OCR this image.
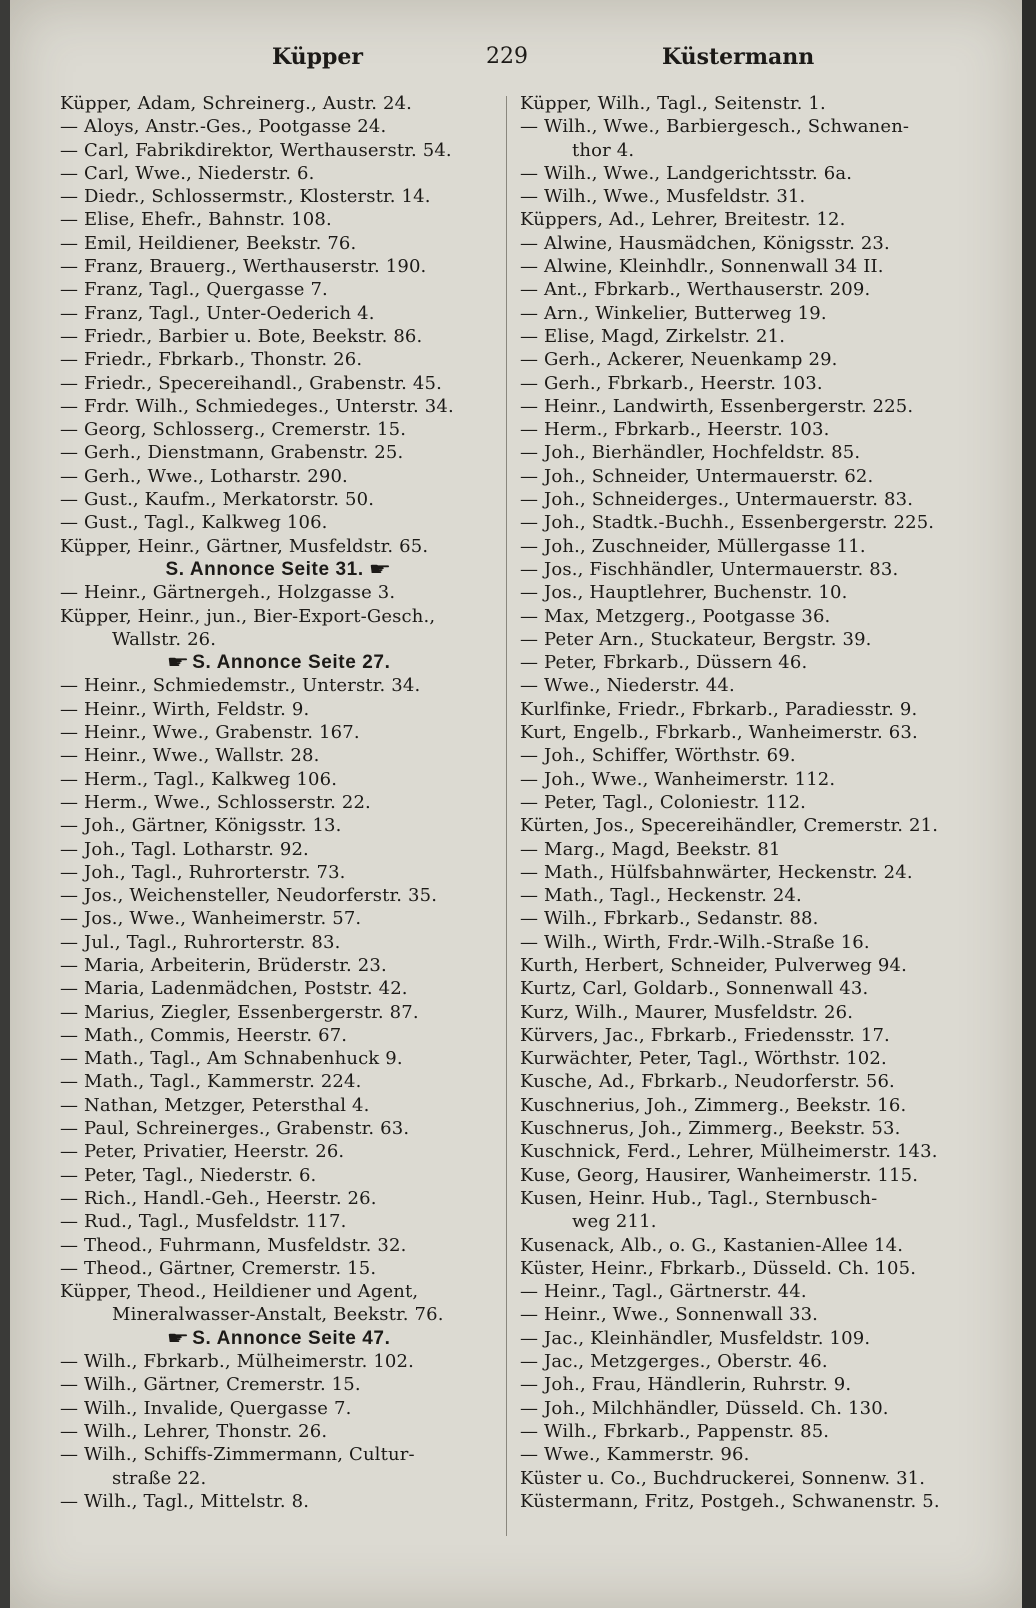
Küpper	229	Küstermann
Küpper, Adam, Schreinerg., Austr. 24.
— Aloys, Anstr.-Ges., Pootgasse 24.
— Carl, Fabrikdirektor, Werthauserstr. 54.
— Carl, Wwe., Niederstr. 6.
— Diedr., Schlossermstr., Klosterstr. 14.
— Elise, Ehefr., Bahnstr. 108.
— Emil, Heildiener, Beekstr. 76.
— Franz, Brauerg., Werthauserstr. 190.
— Franz, Tagl., Quergasse 7.
— Franz, Tagl., Unter-Oederich 4.
— Friedr., Barbier u. Bote, Beekstr. 86.
— Friedr., Fbrkarb., Thonstr. 26.
— Friedr., Specereihandl., Grabenstr. 45.
— Frdr. Wilh., Schmiedeges., Unterstr. 34.
— Georg, Schlosserg., Cremerstr. 15.
— Gerh., Dienstmann, Grabenstr. 25.
— Gerh., Wwe., Lotharstr. 290.
— Gust., Kaufm., Merkatorstr. 50.
— Gust., Tagl., Kalkweg 106.
Küpper, Heinr., Gärtner, Musfeldstr. 65.
S. Annonce Seite 31. ☛
— Heinr., Gärtnergeh., Holzgasse 3.
Küpper, Heinr., jun., Bier-Export-Gesch.,
Wallstr. 26.
☛ S. Annonce Seite 27.
— Heinr., Schmiedemstr., Unterstr. 34.
— Heinr., Wirth, Feldstr. 9.
— Heinr., Wwe., Grabenstr. 167.
— Heinr., Wwe., Wallstr. 28.
— Herm., Tagl., Kalkweg 106.
— Herm., Wwe., Schlosserstr. 22.
— Joh., Gärtner, Königsstr. 13.
— Joh., Tagl. Lotharstr. 92.
— Joh., Tagl., Ruhrorterstr. 73.
— Jos., Weichensteller, Neudorferstr. 35.
— Jos., Wwe., Wanheimerstr. 57.
— Jul., Tagl., Ruhrorterstr. 83.
— Maria, Arbeiterin, Brüderstr. 23.
— Maria, Ladenmädchen, Poststr. 42.
— Marius, Ziegler, Essenbergerstr. 87.
— Math., Commis, Heerstr. 67.
— Math., Tagl., Am Schnabenhuck 9.
— Math., Tagl., Kammerstr. 224.
— Nathan, Metzger, Petersthal 4.
— Paul, Schreinerges., Grabenstr. 63.
— Peter, Privatier, Heerstr. 26.
— Peter, Tagl., Niederstr. 6.
— Rich., Handl.-Geh., Heerstr. 26.
— Rud., Tagl., Musfeldstr. 117.
— Theod., Fuhrmann, Musfeldstr. 32.
— Theod., Gärtner, Cremerstr. 15.
Küpper, Theod., Heildiener und Agent,
Mineralwasser-Anstalt, Beekstr. 76.
☛ S. Annonce Seite 47.
— Wilh., Fbrkarb., Mülheimerstr. 102.
— Wilh., Gärtner, Cremerstr. 15.
— Wilh., Invalide, Quergasse 7.
— Wilh., Lehrer, Thonstr. 26.
— Wilh., Schiffs-Zimmermann, Cultur-
straße 22.
— Wilh., Tagl., Mittelstr. 8.
Küpper, Wilh., Tagl., Seitenstr. 1.
— Wilh., Wwe., Barbiergesch., Schwanen-
thor 4.
— Wilh., Wwe., Landgerichtsstr. 6a.
— Wilh., Wwe., Musfeldstr. 31.
Küppers, Ad., Lehrer, Breitestr. 12.
— Alwine, Hausmädchen, Königsstr. 23.
— Alwine, Kleinhdlr., Sonnenwall 34 II.
— Ant., Fbrkarb., Werthauserstr. 209.
— Arn., Winkelier, Butterweg 19.
— Elise, Magd, Zirkelstr. 21.
— Gerh., Ackerer, Neuenkamp 29.
— Gerh., Fbrkarb., Heerstr. 103.
— Heinr., Landwirth, Essenbergerstr. 225.
— Herm., Fbrkarb., Heerstr. 103.
— Joh., Bierhändler, Hochfeldstr. 85.
— Joh., Schneider, Untermauerstr. 62.
— Joh., Schneiderges., Untermauerstr. 83.
— Joh., Stadtk.-Buchh., Essenbergerstr. 225.
— Joh., Zuschneider, Müllergasse 11.
— Jos., Fischhändler, Untermauerstr. 83.
— Jos., Hauptlehrer, Buchenstr. 10.
— Max, Metzgerg., Pootgasse 36.
— Peter Arn., Stuckateur, Bergstr. 39.
— Peter, Fbrkarb., Düssern 46.
— Wwe., Niederstr. 44.
Kurlfinke, Friedr., Fbrkarb., Paradiesstr. 9.
Kurt, Engelb., Fbrkarb., Wanheimerstr. 63.
— Joh., Schiffer, Wörthstr. 69.
— Joh., Wwe., Wanheimerstr. 112.
— Peter, Tagl., Coloniestr. 112.
Kürten, Jos., Specereihändler, Cremerstr. 21.
— Marg., Magd, Beekstr. 81
— Math., Hülfsbahnwärter, Heckenstr. 24.
— Math., Tagl., Heckenstr. 24.
— Wilh., Fbrkarb., Sedanstr. 88.
— Wilh., Wirth, Frdr.-Wilh.-Straße 16.
Kurth, Herbert, Schneider, Pulverweg 94.
Kurtz, Carl, Goldarb., Sonnenwall 43.
Kurz, Wilh., Maurer, Musfeldstr. 26.
Kürvers, Jac., Fbrkarb., Friedensstr. 17.
Kurwächter, Peter, Tagl., Wörthstr. 102.
Kusche, Ad., Fbrkarb., Neudorferstr. 56.
Kuschnerius, Joh., Zimmerg., Beekstr. 16.
Kuschnerus, Joh., Zimmerg., Beekstr. 53.
Kuschnick, Ferd., Lehrer, Mülheimerstr. 143.
Kuse, Georg, Hausirer, Wanheimerstr. 115.
Kusen, Heinr. Hub., Tagl., Sternbusch-
weg 211.
Kusenack, Alb., o. G., Kastanien-Allee 14.
Küster, Heinr., Fbrkarb., Düsseld. Ch. 105.
— Heinr., Tagl., Gärtnerstr. 44.
— Heinr., Wwe., Sonnenwall 33.
— Jac., Kleinhändler, Musfeldstr. 109.
— Jac., Metzgerges., Oberstr. 46.
— Joh., Frau, Händlerin, Ruhrstr. 9.
— Joh., Milchhändler, Düsseld. Ch. 130.
— Wilh., Fbrkarb., Pappenstr. 85.
— Wwe., Kammerstr. 96.
Küster u. Co., Buchdruckerei, Sonnenw. 31.
Küstermann, Fritz, Postgeh., Schwanenstr. 5.
